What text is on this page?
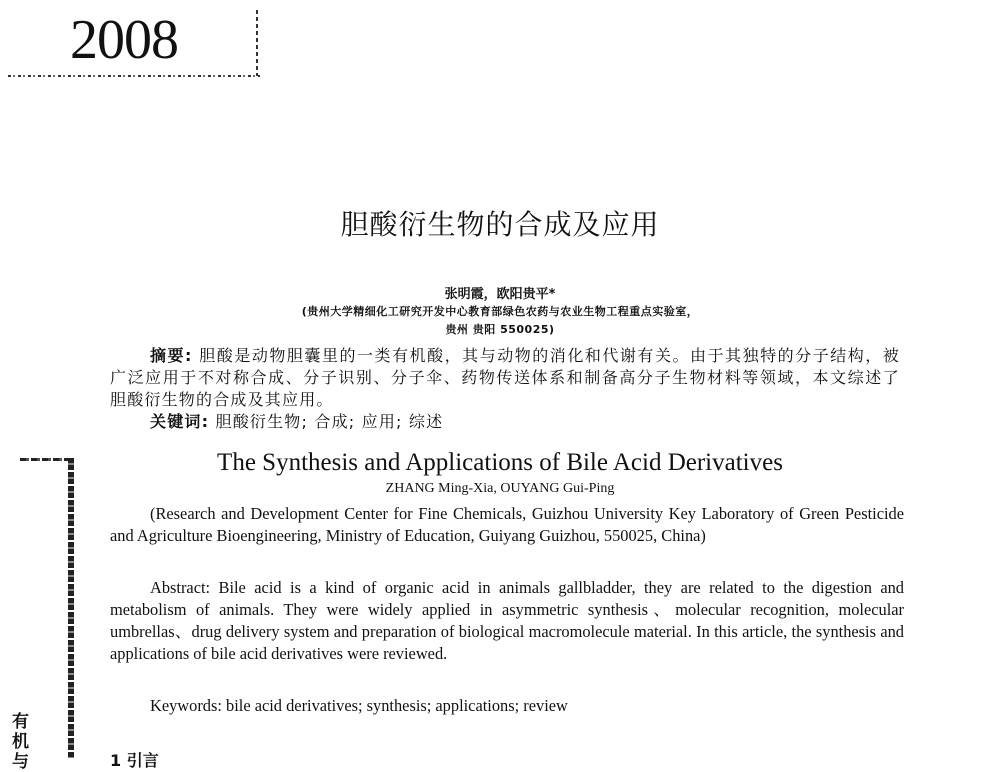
2008
有机与
胆酸衍生物的合成及应用
张明霞，欧阳贵平*
(贵州大学精细化工研究开发中心教育部绿色农药与农业生物工程重点实验室，
贵州 贵阳 550025)
摘要: 胆酸是动物胆囊里的一类有机酸，其与动物的消化和代谢有关。由于其独特的分子结构，被广泛应用于不对称合成、分子识别、分子伞、药物传送体系和制备高分子生物材料等领域，本文综述了胆酸衍生物的合成及其应用。
关键词: 胆酸衍生物; 合成; 应用; 综述
The Synthesis and Applications of Bile Acid Derivatives
ZHANG Ming-Xia, OUYANG Gui-Ping
(Research and Development Center for Fine Chemicals, Guizhou University Key Laboratory of Green Pesticide and Agriculture Bioengineering, Ministry of Education, Guiyang Guizhou, 550025, China)
Abstract: Bile acid is a kind of organic acid in animals gallbladder, they are related to the digestion and metabolism of animals. They were widely applied in asymmetric synthesis、molecular recognition, molecular umbrellas、drug delivery system and preparation of biological macromolecule material. In this article, the synthesis and applications of bile acid derivatives were reviewed.
Keywords: bile acid derivatives; synthesis; applications; review
1 引言
